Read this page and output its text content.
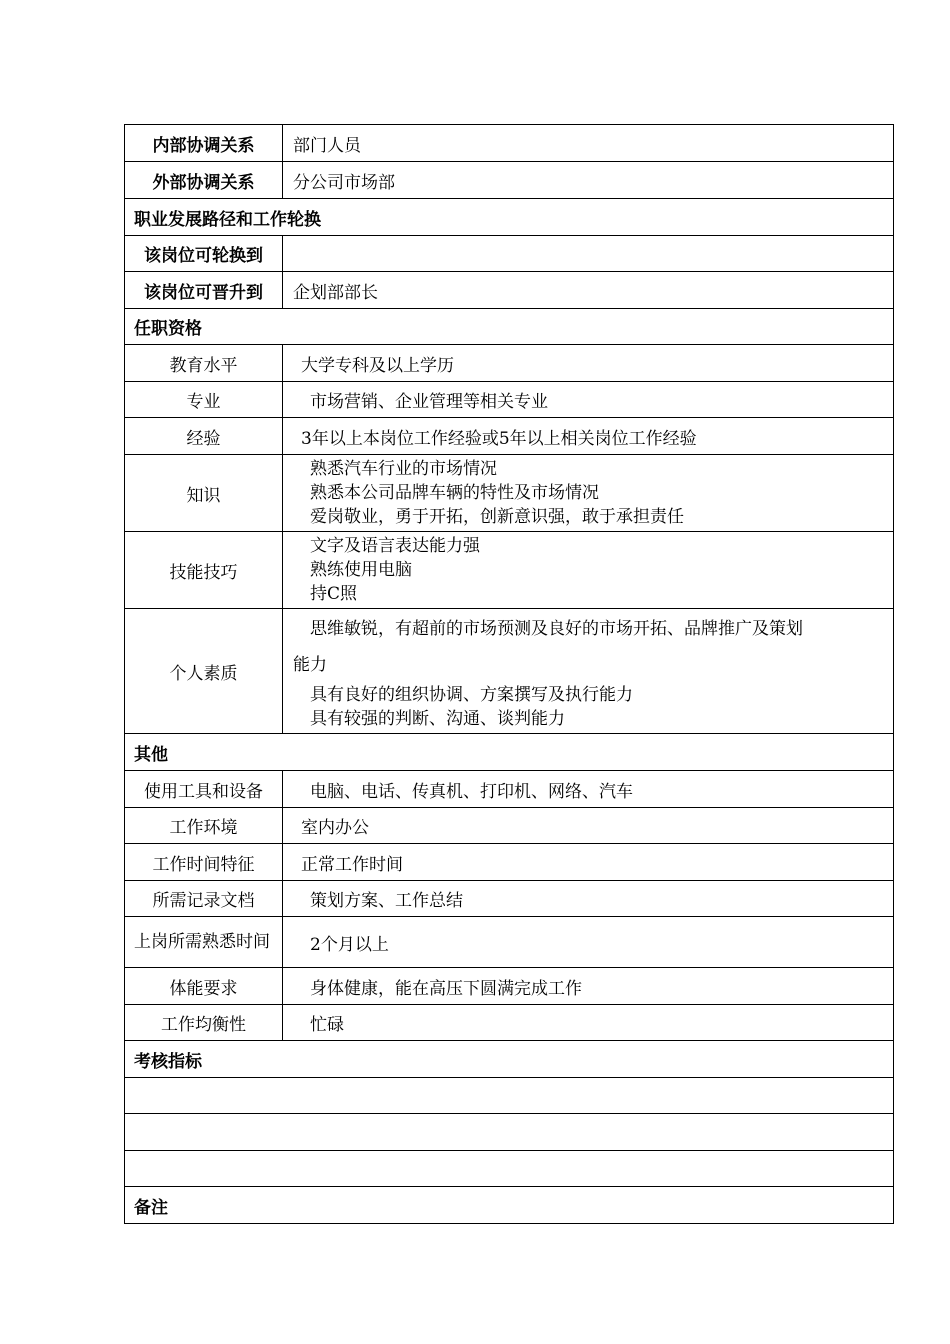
内部协调关系	部门人员
外部协调关系	分公司市场部
职业发展路径和工作轮换	
该岗位可轮换到	
该岗位可晋升到	企划部部长
任职资格	
教育水平	大学专科及以上学历
专业	市场营销、企业管理等相关专业
经验	3年以上本岗位工作经验或5年以上相关岗位工作经验
知识	熟悉汽车行业的市场情况
熟悉本公司品牌车辆的特性及市场情况
爱岗敬业，勇于开拓，创新意识强，敢于承担责任

技能技巧	文字及语言表达能力强
熟练使用电脑
持C照

个人素质	思维敏锐，有超前的市场预测及良好的市场开拓、品牌推广及策划
能力
具有良好的组织协调、方案撰写及执行能力
具有较强的判断、沟通、谈判能力

其他	
使用工具和设备	电脑、电话、传真机、打印机、网络、汽车
工作环境	室内办公
工作时间特征	正常工作时间
所需记录文档	策划方案、工作总结
上岗所需熟悉时间	2个月以上
体能要求	身体健康，能在高压下圆满完成工作
工作均衡性	忙碌
考核指标	

备注	
